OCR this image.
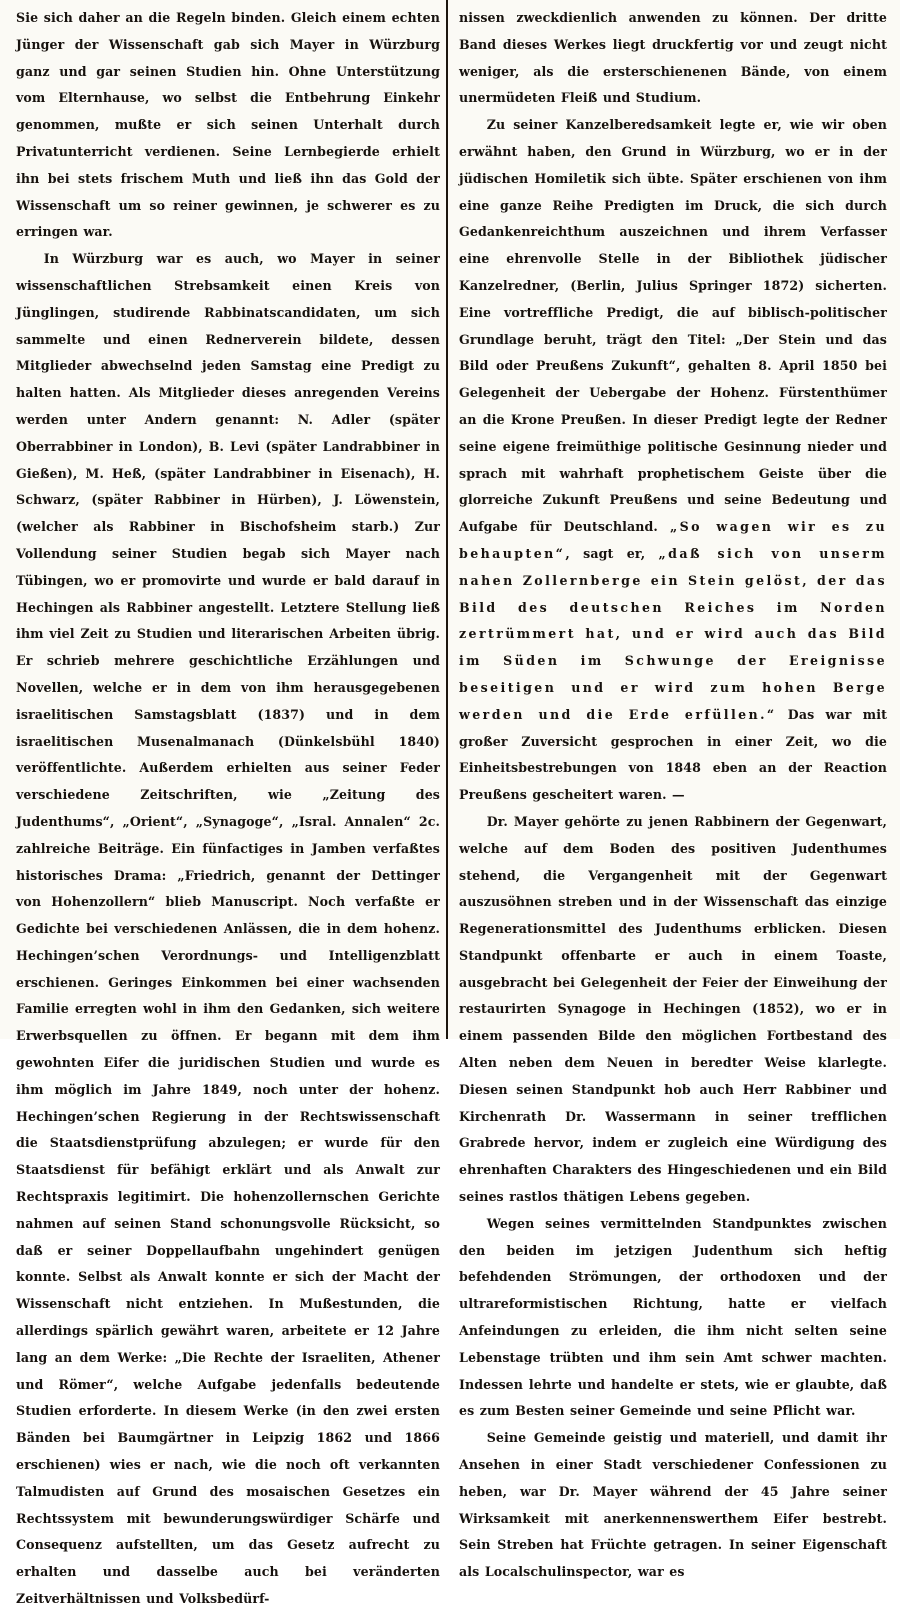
Sie sich daher an die Regeln binden. Gleich einem echten Jünger der Wissenschaft gab sich Mayer in Würzburg ganz und gar seinen Studien hin. Ohne Unterstützung vom Elternhause, wo selbst die Entbehrung Einkehr genommen, mußte er sich seinen Unterhalt durch Privatunterricht verdienen. Seine Lernbegierde erhielt ihn bei stets frischem Muth und ließ ihn das Gold der Wissenschaft um so reiner gewinnen, je schwerer es zu erringen war.

In Würzburg war es auch, wo Mayer in seiner wissenschaftlichen Strebsamkeit einen Kreis von Jünglingen, studirende Rabbinatscandidaten, um sich sammelte und einen Rednerverein bildete, dessen Mitglieder abwechselnd jeden Samstag eine Predigt zu halten hatten. Als Mitglieder dieses anregenden Vereins werden unter Andern genannt: N. Adler (später Oberrabbiner in London), B. Levi (später Landrabbiner in Gießen), M. Heß, (später Landrabbiner in Eisenach), H. Schwarz, (später Rabbiner in Hürben), J. Löwenstein, (welcher als Rabbiner in Bischofsheim starb.) Zur Vollendung seiner Studien begab sich Mayer nach Tübingen, wo er promovirte und wurde er bald darauf in Hechingen als Rabbiner angestellt. Letztere Stellung ließ ihm viel Zeit zu Studien und literarischen Arbeiten übrig. Er schrieb mehrere geschichtliche Erzählungen und Novellen, welche er in dem von ihm herausgegebenen israelitischen Samstagsblatt (1837) und in dem israelitischen Musenalmanach (Dünkelsbühl 1840) veröffentlichte. Außerdem erhielten aus seiner Feder verschiedene Zeitschriften, wie „Zeitung des Judenthums“, „Orient“, „Synagoge“, „Isral. Annalen“ 2c. zahlreiche Beiträge. Ein fünfactiges in Jamben verfaßtes historisches Drama: „Friedrich, genannt der Dettinger von Hohenzollern“ blieb Manuscript. Noch verfaßte er Gedichte bei verschiedenen Anlässen, die in dem hohenz. Hechingen’schen Verordnungs- und Intelligenzblatt erschienen. Geringes Einkommen bei einer wachsenden Familie erregten wohl in ihm den Gedanken, sich weitere Erwerbsquellen zu öffnen. Er begann mit dem ihm gewohnten Eifer die juridischen Studien und wurde es ihm möglich im Jahre 1849, noch unter der hohenz. Hechingen’schen Regierung in der Rechtswissenschaft die Staatsdienstprüfung abzulegen; er wurde für den Staatsdienst für befähigt erklärt und als Anwalt zur Rechtspraxis legitimirt. Die hohenzollernschen Gerichte nahmen auf seinen Stand schonungsvolle Rücksicht, so daß er seiner Doppellaufbahn ungehindert genügen konnte. Selbst als Anwalt konnte er sich der Macht der Wissenschaft nicht entziehen. In Mußestunden, die allerdings spärlich gewährt waren, arbeitete er 12 Jahre lang an dem Werke: „Die Rechte der Israeliten, Athener und Römer“, welche Aufgabe jedenfalls bedeutende Studien erforderte. In diesem Werke (in den zwei ersten Bänden bei Baumgärtner in Leipzig 1862 und 1866 erschienen) wies er nach, wie die noch oft verkannten Talmudisten auf Grund des mosaischen Gesetzes ein Rechtssystem mit bewunderungswürdiger Schärfe und Consequenz aufstellten, um das Gesetz aufrecht zu erhalten und dasselbe auch bei veränderten Zeitverhältnissen und Volksbedürf-

nissen zweckdienlich anwenden zu können. Der dritte Band dieses Werkes liegt druckfertig vor und zeugt nicht weniger, als die ersterschienenen Bände, von einem unermüdeten Fleiß und Studium.

Zu seiner Kanzelberedsamkeit legte er, wie wir oben erwähnt haben, den Grund in Würzburg, wo er in der jüdischen Homiletik sich übte. Später erschienen von ihm eine ganze Reihe Predigten im Druck, die sich durch Gedankenreichthum auszeichnen und ihrem Verfasser eine ehrenvolle Stelle in der Bibliothek jüdischer Kanzelredner, (Berlin, Julius Springer 1872) sicherten. Eine vortreffliche Predigt, die auf biblisch-politischer Grundlage beruht, trägt den Titel: „Der Stein und das Bild oder Preußens Zukunft“, gehalten 8. April 1850 bei Gelegenheit der Uebergabe der Hohenz. Fürstenthümer an die Krone Preußen. In dieser Predigt legte der Redner seine eigene freimüthige politische Gesinnung nieder und sprach mit wahrhaft prophetischem Geiste über die glorreiche Zukunft Preußens und seine Bedeutung und Aufgabe für Deutschland. „So wagen wir es zu behaupten“, sagt er, „daß sich von unserm nahen Zollernberge ein Stein gelöst, der das Bild des deutschen Reiches im Norden zertrümmert hat, und er wird auch das Bild im Süden im Schwunge der Ereignisse beseitigen und er wird zum hohen Berge werden und die Erde erfüllen.“ Das war mit großer Zuversicht gesprochen in einer Zeit, wo die Einheitsbestrebungen von 1848 eben an der Reaction Preußens gescheitert waren. —

Dr. Mayer gehörte zu jenen Rabbinern der Gegenwart, welche auf dem Boden des positiven Judenthumes stehend, die Vergangenheit mit der Gegenwart auszusöhnen streben und in der Wissenschaft das einzige Regenerationsmittel des Judenthums erblicken. Diesen Standpunkt offenbarte er auch in einem Toaste, ausgebracht bei Gelegenheit der Feier der Einweihung der restaurirten Synagoge in Hechingen (1852), wo er in einem passenden Bilde den möglichen Fortbestand des Alten neben dem Neuen in beredter Weise klarlegte. Diesen seinen Standpunkt hob auch Herr Rabbiner und Kirchenrath Dr. Wassermann in seiner trefflichen Grabrede hervor, indem er zugleich eine Würdigung des ehrenhaften Charakters des Hingeschiedenen und ein Bild seines rastlos thätigen Lebens gegeben.

Wegen seines vermittelnden Standpunktes zwischen den beiden im jetzigen Judenthum sich heftig befehdenden Strömungen, der orthodoxen und der ultrareformistischen Richtung, hatte er vielfach Anfeindungen zu erleiden, die ihm nicht selten seine Lebenstage trübten und ihm sein Amt schwer machten. Indessen lehrte und handelte er stets, wie er glaubte, daß es zum Besten seiner Gemeinde und seine Pflicht war.

Seine Gemeinde geistig und materiell, und damit ihr Ansehen in einer Stadt verschiedener Confessionen zu heben, war Dr. Mayer während der 45 Jahre seiner Wirksamkeit mit anerkennenswerthem Eifer bestrebt. Sein Streben hat Früchte getragen. In seiner Eigenschaft als Localschulinspector, war es
